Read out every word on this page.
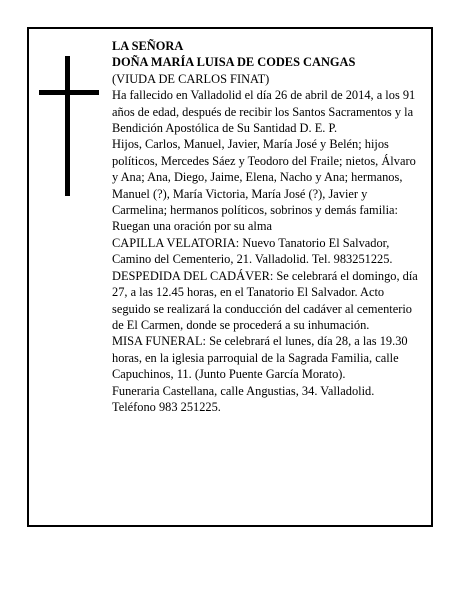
LA SEÑORA

DOÑA MARÍA LUISA DE CODES CANGAS

(VIUDA DE CARLOS FINAT)

Ha fallecido en Valladolid el día 26 de abril de 2014, a los 91 años de edad, después de recibir los Santos Sacramentos y la Bendición Apostólica de Su Santidad D. E. P.

Hijos, Carlos, Manuel, Javier, María José y Belén; hijos políticos, Mercedes Sáez y Teodoro del Fraile; nietos, Álvaro y Ana; Ana, Diego, Jaime, Elena, Nacho y Ana; hermanos, Manuel (?), María Victoria, María José (?), Javier y Carmelina; hermanos políticos, sobrinos y demás familia:

Ruegan una oración por su alma

CAPILLA VELATORIA: Nuevo Tanatorio El Salvador, Camino del Cementerio, 21. Valladolid. Tel. 983251225.

DESPEDIDA DEL CADÁVER: Se celebrará el domingo, día 27, a las 12.45 horas, en el Tanatorio El Salvador. Acto seguido se realizará la conducción del cadáver al cementerio de El Carmen, donde se procederá a su inhumación.

MISA FUNERAL: Se celebrará el lunes, día 28, a las 19.30 horas, en la iglesia parroquial de la Sagrada Familia, calle Capuchinos, 11. (Junto Puente García Morato).

Funeraria Castellana, calle Angustias, 34. Valladolid. Teléfono 983 251225.
